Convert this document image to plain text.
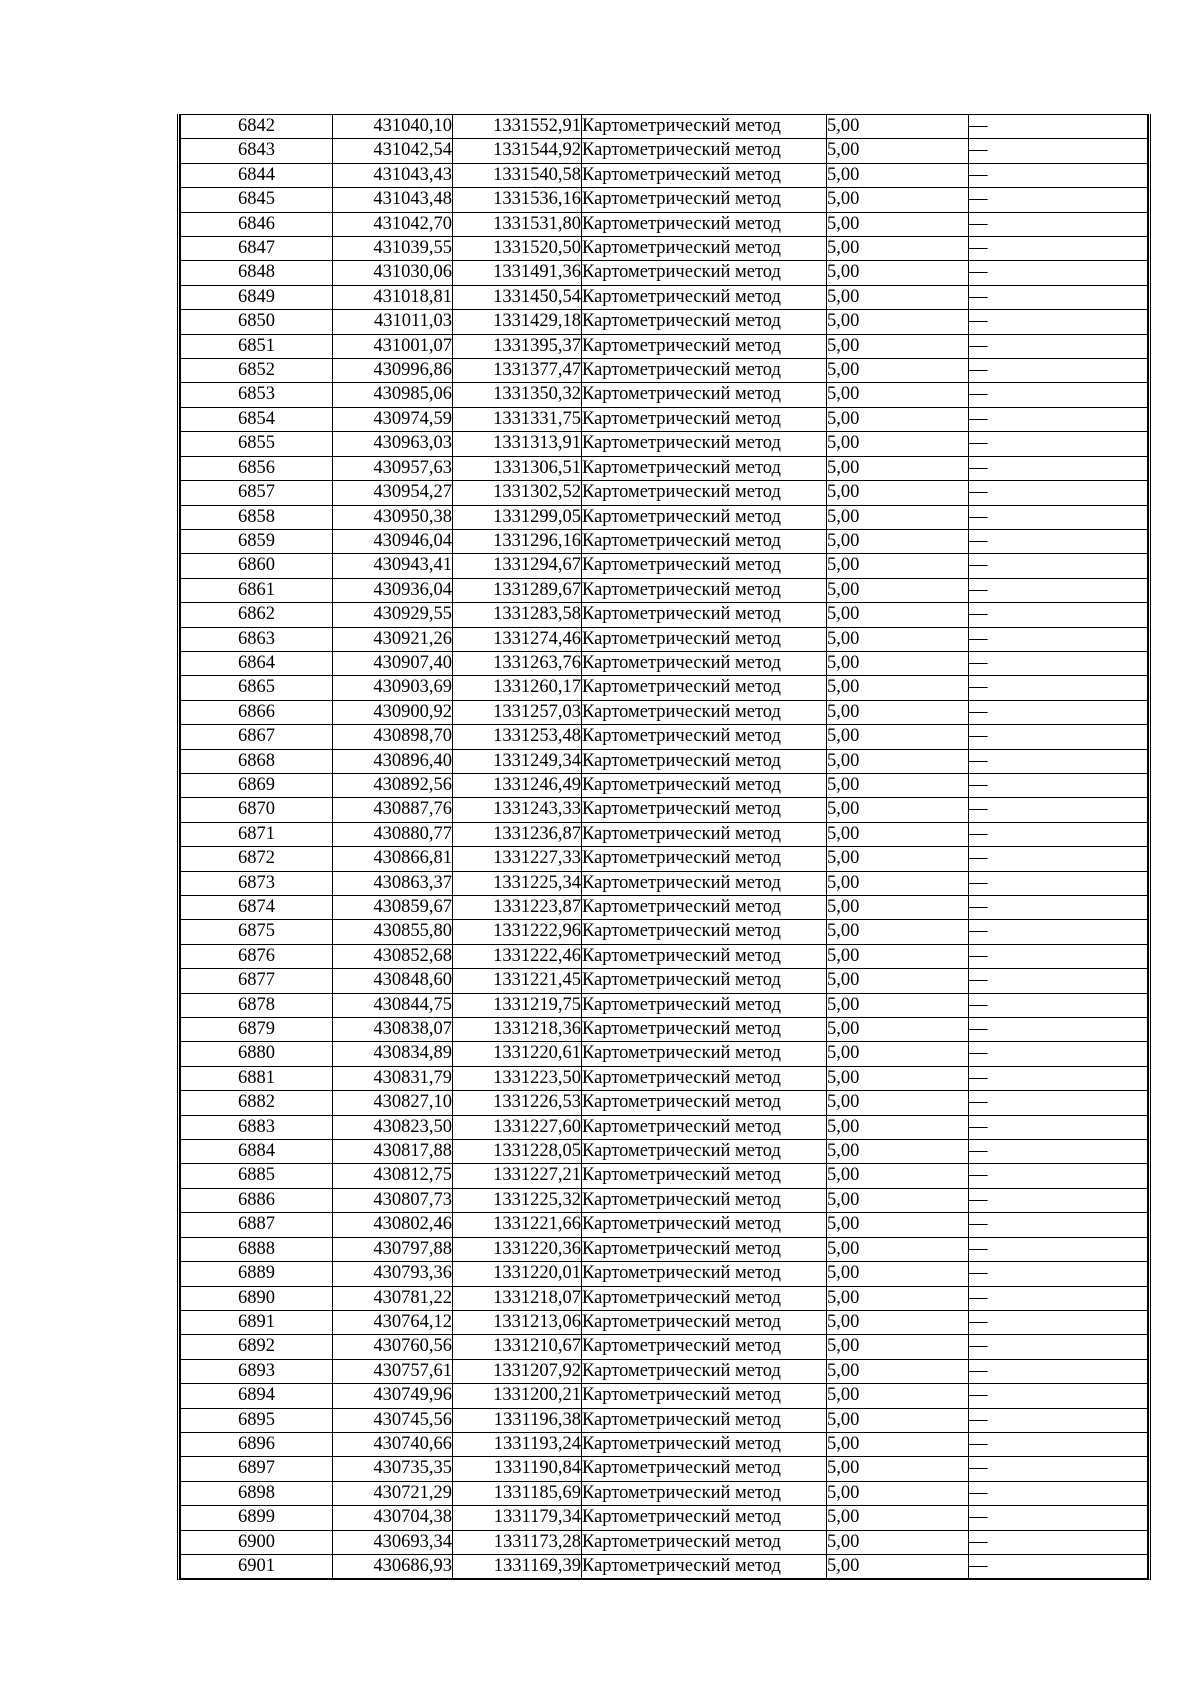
6842	431040,10	1331552,91	Картометрический метод	5,00	—
6843	431042,54	1331544,92	Картометрический метод	5,00	—
6844	431043,43	1331540,58	Картометрический метод	5,00	—
6845	431043,48	1331536,16	Картометрический метод	5,00	—
6846	431042,70	1331531,80	Картометрический метод	5,00	—
6847	431039,55	1331520,50	Картометрический метод	5,00	—
6848	431030,06	1331491,36	Картометрический метод	5,00	—
6849	431018,81	1331450,54	Картометрический метод	5,00	—
6850	431011,03	1331429,18	Картометрический метод	5,00	—
6851	431001,07	1331395,37	Картометрический метод	5,00	—
6852	430996,86	1331377,47	Картометрический метод	5,00	—
6853	430985,06	1331350,32	Картометрический метод	5,00	—
6854	430974,59	1331331,75	Картометрический метод	5,00	—
6855	430963,03	1331313,91	Картометрический метод	5,00	—
6856	430957,63	1331306,51	Картометрический метод	5,00	—
6857	430954,27	1331302,52	Картометрический метод	5,00	—
6858	430950,38	1331299,05	Картометрический метод	5,00	—
6859	430946,04	1331296,16	Картометрический метод	5,00	—
6860	430943,41	1331294,67	Картометрический метод	5,00	—
6861	430936,04	1331289,67	Картометрический метод	5,00	—
6862	430929,55	1331283,58	Картометрический метод	5,00	—
6863	430921,26	1331274,46	Картометрический метод	5,00	—
6864	430907,40	1331263,76	Картометрический метод	5,00	—
6865	430903,69	1331260,17	Картометрический метод	5,00	—
6866	430900,92	1331257,03	Картометрический метод	5,00	—
6867	430898,70	1331253,48	Картометрический метод	5,00	—
6868	430896,40	1331249,34	Картометрический метод	5,00	—
6869	430892,56	1331246,49	Картометрический метод	5,00	—
6870	430887,76	1331243,33	Картометрический метод	5,00	—
6871	430880,77	1331236,87	Картометрический метод	5,00	—
6872	430866,81	1331227,33	Картометрический метод	5,00	—
6873	430863,37	1331225,34	Картометрический метод	5,00	—
6874	430859,67	1331223,87	Картометрический метод	5,00	—
6875	430855,80	1331222,96	Картометрический метод	5,00	—
6876	430852,68	1331222,46	Картометрический метод	5,00	—
6877	430848,60	1331221,45	Картометрический метод	5,00	—
6878	430844,75	1331219,75	Картометрический метод	5,00	—
6879	430838,07	1331218,36	Картометрический метод	5,00	—
6880	430834,89	1331220,61	Картометрический метод	5,00	—
6881	430831,79	1331223,50	Картометрический метод	5,00	—
6882	430827,10	1331226,53	Картометрический метод	5,00	—
6883	430823,50	1331227,60	Картометрический метод	5,00	—
6884	430817,88	1331228,05	Картометрический метод	5,00	—
6885	430812,75	1331227,21	Картометрический метод	5,00	—
6886	430807,73	1331225,32	Картометрический метод	5,00	—
6887	430802,46	1331221,66	Картометрический метод	5,00	—
6888	430797,88	1331220,36	Картометрический метод	5,00	—
6889	430793,36	1331220,01	Картометрический метод	5,00	—
6890	430781,22	1331218,07	Картометрический метод	5,00	—
6891	430764,12	1331213,06	Картометрический метод	5,00	—
6892	430760,56	1331210,67	Картометрический метод	5,00	—
6893	430757,61	1331207,92	Картометрический метод	5,00	—
6894	430749,96	1331200,21	Картометрический метод	5,00	—
6895	430745,56	1331196,38	Картометрический метод	5,00	—
6896	430740,66	1331193,24	Картометрический метод	5,00	—
6897	430735,35	1331190,84	Картометрический метод	5,00	—
6898	430721,29	1331185,69	Картометрический метод	5,00	—
6899	430704,38	1331179,34	Картометрический метод	5,00	—
6900	430693,34	1331173,28	Картометрический метод	5,00	—
6901	430686,93	1331169,39	Картометрический метод	5,00	—
